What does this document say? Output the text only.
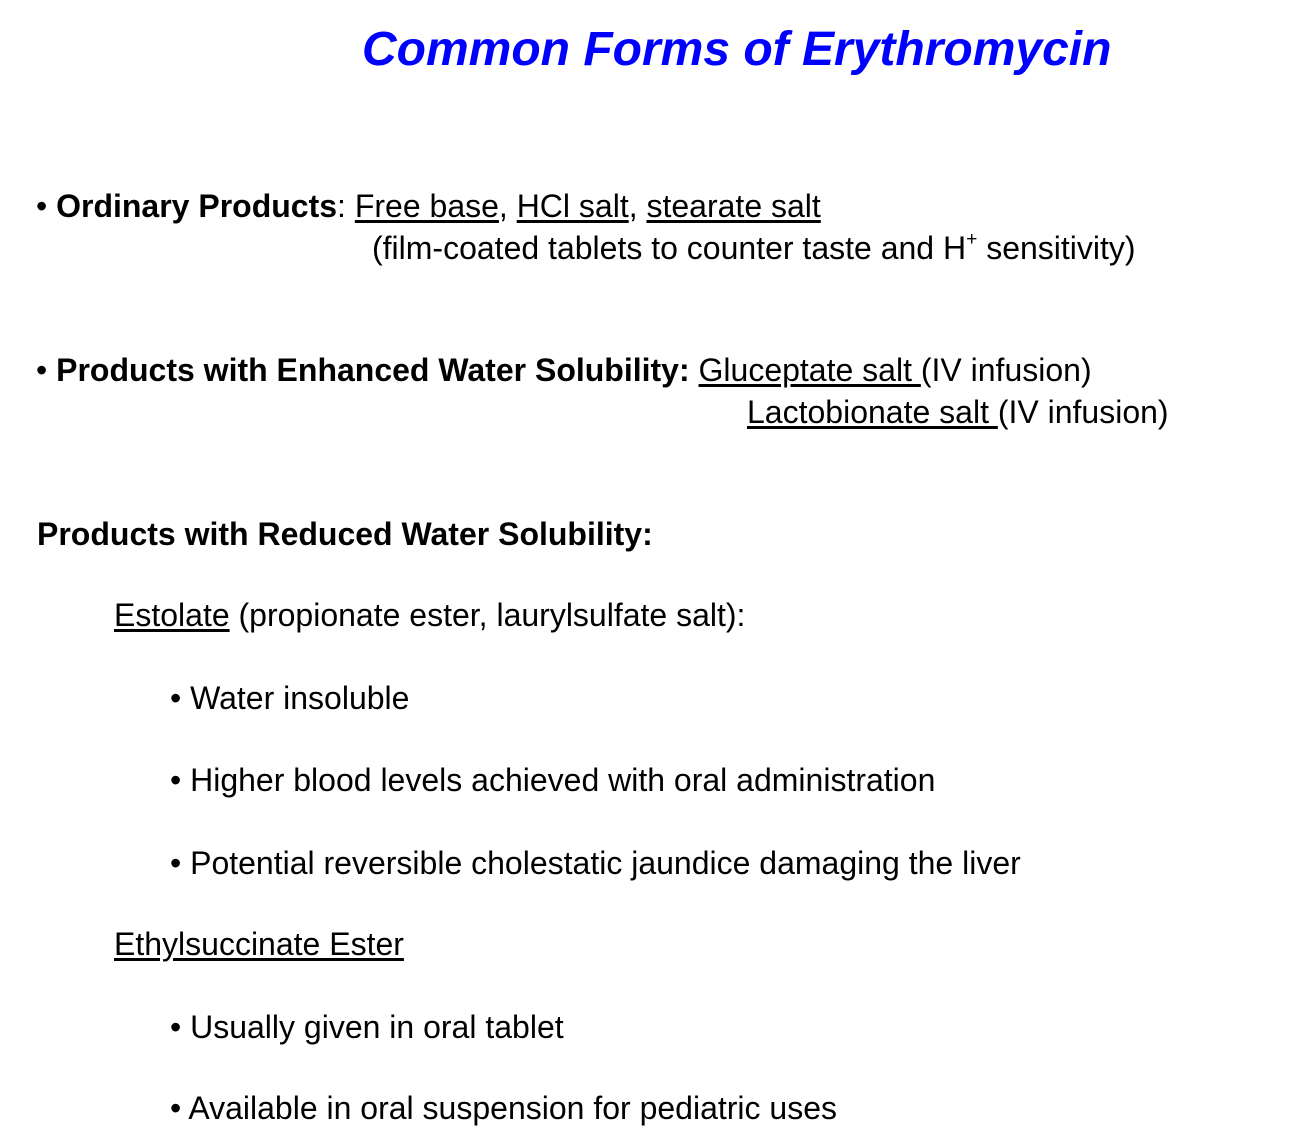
Common Forms of Erythromycin
• Ordinary Products: Free base, HCl salt, stearate salt
(film-coated tablets to counter taste and H+ sensitivity)
• Products with Enhanced Water Solubility: Gluceptate salt (IV infusion)
Lactobionate salt (IV infusion)
Products with Reduced Water Solubility:
Estolate (propionate ester, laurylsulfate salt):
• Water insoluble
• Higher blood levels achieved with oral administration
• Potential reversible cholestatic jaundice damaging the liver
Ethylsuccinate Ester
• Usually given in oral tablet
• Available in oral suspension for pediatric uses
